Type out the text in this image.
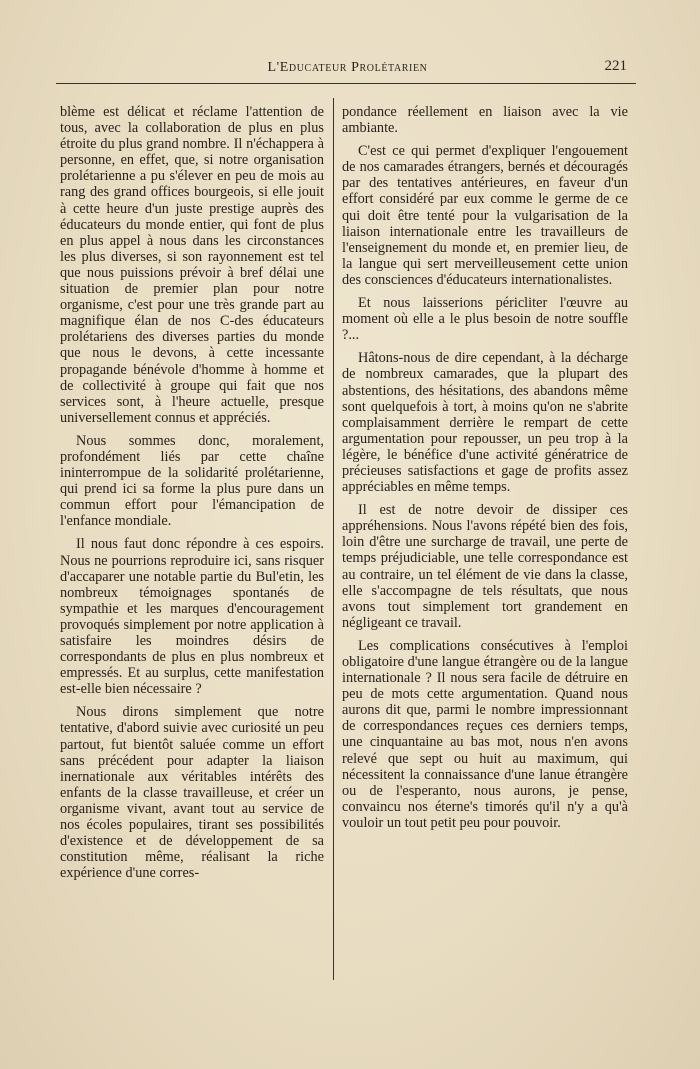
L'Educateur Prolétarien	221

blème est délicat et réclame l'attention de tous, avec la collaboration de plus en plus étroite du plus grand nombre. Il n'échappera à personne, en effet, que, si notre organisation prolétarienne a pu s'élever en peu de mois au rang des grand offices bourgeois, si elle jouit à cette heure d'un juste prestige auprès des éducateurs du monde entier, qui font de plus en plus appel à nous dans les circonstances les plus diverses, si son rayonnement est tel que nous puissions prévoir à bref délai une situation de premier plan pour notre organisme, c'est pour une très grande part au magnifique élan de nos C-des éducateurs prolétariens des diverses parties du monde que nous le devons, à cette incessante propagande bénévole d'homme à homme et de collectivité à groupe qui fait que nos services sont, à l'heure actuelle, presque universellement connus et appréciés.

Nous sommes donc, moralement, profondément liés par cette chaîne ininterrompue de la solidarité prolétarienne, qui prend ici sa forme la plus pure dans un commun effort pour l'émancipation de l'enfance mondiale.

Il nous faut donc répondre à ces espoirs. Nous ne pourrions reproduire ici, sans risquer d'accaparer une notable partie du Bul'etin, les nombreux témoignages spontanés de sympathie et les marques d'encouragement provoqués simplement por notre application à satisfaire les moindres désirs de correspondants de plus en plus nombreux et empressés. Et au surplus, cette manifestation est-elle bien nécessaire ?

Nous dirons simplement que notre tentative, d'abord suivie avec curiosité un peu partout, fut bientôt saluée comme un effort sans précédent pour adapter la liaison inernationale aux véritables intérêts des enfants de la classe travailleuse, et créer un organisme vivant, avant tout au service de nos écoles populaires, tirant ses possibilités d'existence et de développement de sa constitution même, réalisant la riche expérience d'une corres-

pondance réellement en liaison avec la vie ambiante.

C'est ce qui permet d'expliquer l'engouement de nos camarades étrangers, bernés et découragés par des tentatives antérieures, en faveur d'un effort considéré par eux comme le germe de ce qui doit être tenté pour la vulgarisation de la liaison internationale entre les travailleurs de l'enseignement du monde et, en premier lieu, de la langue qui sert merveilleusement cette union des consciences d'éducateurs internationalistes.

Et nous laisserions péricliter l'œuvre au moment où elle a le plus besoin de notre souffle ?...

Hâtons-nous de dire cependant, à la décharge de nombreux camarades, que la plupart des abstentions, des hésitations, des abandons même sont quelquefois à tort, à moins qu'on ne s'abrite complaisamment derrière le rempart de cette argumentation pour repousser, un peu trop à la légère, le bénéfice d'une activité génératrice de précieuses satisfactions et gage de profits assez appréciables en même temps.

Il est de notre devoir de dissiper ces appréhensions. Nous l'avons répété bien des fois, loin d'être une surcharge de travail, une perte de temps préjudiciable, une telle correspondance est au contraire, un tel élément de vie dans la classe, elle s'accompagne de tels résultats, que nous avons tout simplement tort grandement en négligeant ce travail.

Les complications consécutives à l'emploi obligatoire d'une langue étrangère ou de la langue internationale ? Il nous sera facile de détruire en peu de mots cette argumentation. Quand nous aurons dit que, parmi le nombre impressionnant de correspondances reçues ces derniers temps, une cinquantaine au bas mot, nous n'en avons relevé que sept ou huit au maximum, qui nécessitent la connaissance d'une lanue étrangère ou de l'esperanto, nous aurons, je pense, convaincu nos éterne's timorés qu'il n'y a qu'à vouloir un tout petit peu pour pouvoir.
